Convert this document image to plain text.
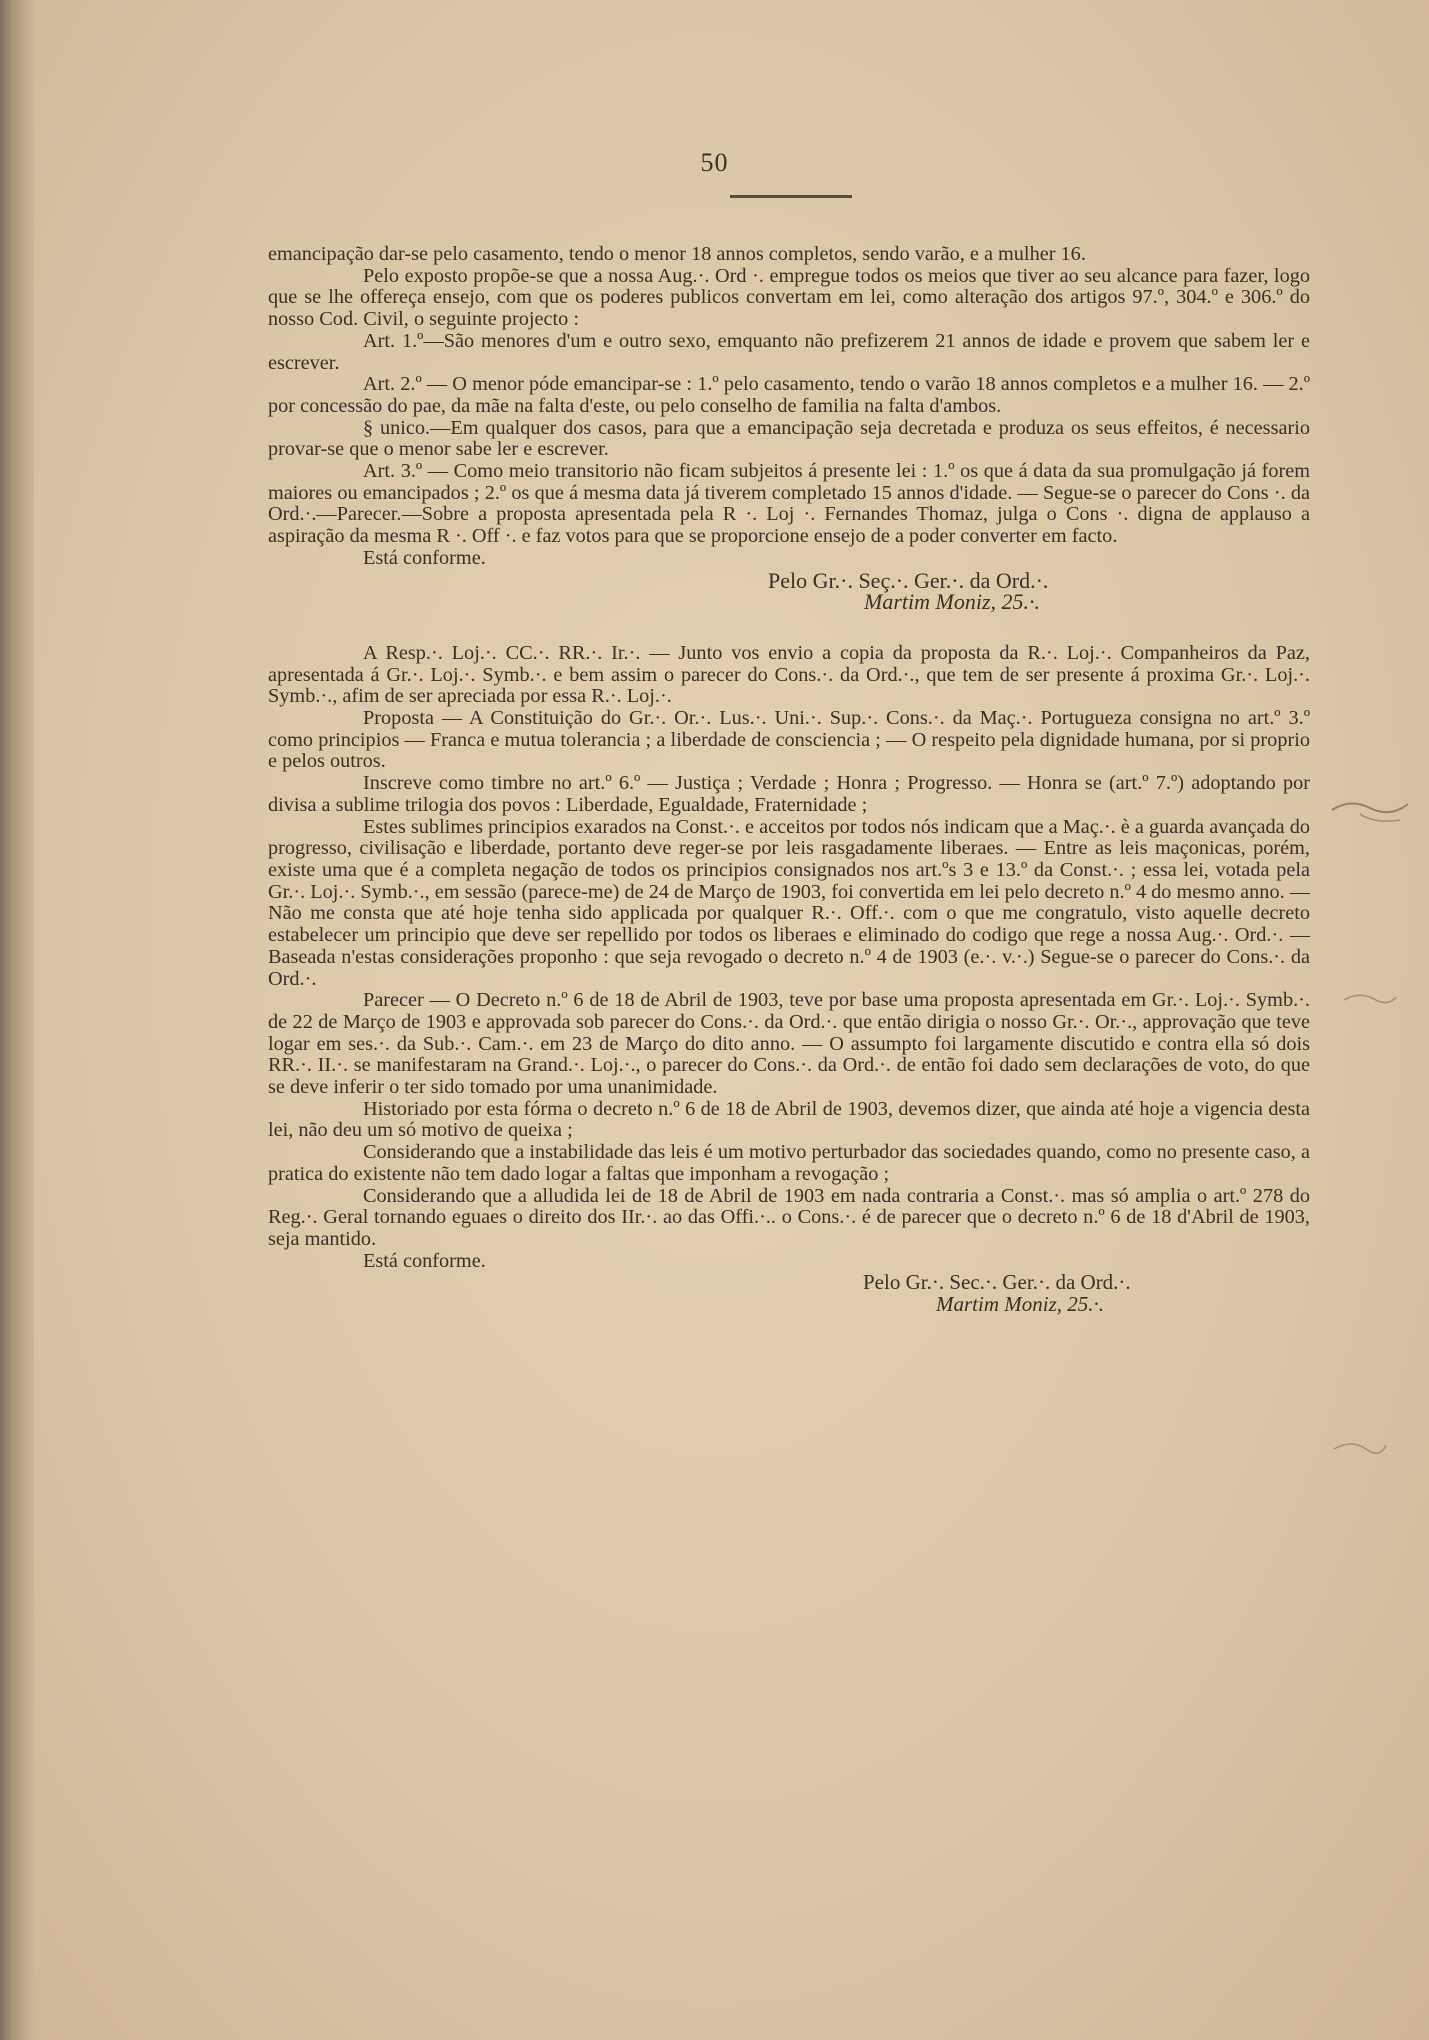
50

emancipação dar-se pelo casamento, tendo o menor 18 annos completos, sendo varão, e a mulher 16.

Pelo exposto propõe-se que a nossa Aug.·. Ord ·. empregue todos os meios que tiver ao seu alcance para fazer, logo que se lhe offereça ensejo, com que os poderes publicos convertam em lei, como alteração dos artigos 97.º, 304.º e 306.º do nosso Cod. Civil, o seguinte projecto :

Art. 1.º—São menores d'um e outro sexo, emquanto não prefizerem 21 annos de idade e provem que sabem ler e escrever.

Art. 2.º — O menor póde emancipar-se : 1.º pelo casamento, tendo o varão 18 annos completos e a mulher 16. — 2.º por concessão do pae, da mãe na falta d'este, ou pelo conselho de familia na falta d'ambos.

§ unico.—Em qualquer dos casos, para que a emancipação seja decretada e produza os seus effeitos, é necessario provar-se que o menor sabe ler e escrever.

Art. 3.º — Como meio transitorio não ficam subjeitos á presente lei : 1.º os que á data da sua promulgação já forem maiores ou emancipados ; 2.º os que á mesma data já tiverem completado 15 annos d'idade. — Segue-se o parecer do Cons ·. da Ord.·.—Parecer.—Sobre a proposta apresentada pela R ·. Loj ·. Fernandes Thomaz, julga o Cons ·. digna de applauso a aspiração da mesma R ·. Off ·. e faz votos para que se proporcione ensejo de a poder converter em facto.

Está conforme.

Pelo Gr.·. Seç.·. Ger.·. da Ord.·.

Martim Moniz, 25.·.

A Resp.·. Loj.·. CC.·. RR.·. Ir.·. — Junto vos envio a copia da proposta da R.·. Loj.·. Companheiros da Paz, apresentada á Gr.·. Loj.·. Symb.·. e bem assim o parecer do Cons.·. da Ord.·., que tem de ser presente á proxima Gr.·. Loj.·. Symb.·., afim de ser apreciada por essa R.·. Loj.·.

Proposta — A Constituição do Gr.·. Or.·. Lus.·. Uni.·. Sup.·. Cons.·. da Maç.·. Portugueza consigna no art.º 3.º como principios — Franca e mutua tolerancia ; a liberdade de consciencia ; — O respeito pela dignidade humana, por si proprio e pelos outros.

Inscreve como timbre no art.º 6.º — Justiça ; Verdade ; Honra ; Progresso. — Honra se (art.º 7.º) adoptando por divisa a sublime trilogia dos povos : Liberdade, Egualdade, Fraternidade ;

Estes sublimes principios exarados na Const.·. e acceitos por todos nós indicam que a Maç.·. è a guarda avançada do progresso, civilisação e liberdade, portanto deve reger-se por leis rasgadamente liberaes. — Entre as leis maçonicas, porém, existe uma que é a completa negação de todos os principios consignados nos art.ºs 3 e 13.º da Const.·. ; essa lei, votada pela Gr.·. Loj.·. Symb.·., em sessão (parece-me) de 24 de Março de 1903, foi convertida em lei pelo decreto n.º 4 do mesmo anno. — Não me consta que até hoje tenha sido applicada por qualquer R.·. Off.·. com o que me congratulo, visto aquelle decreto estabelecer um principio que deve ser repellido por todos os liberaes e eliminado do codigo que rege a nossa Aug.·. Ord.·. — Baseada n'estas considerações proponho : que seja revogado o decreto n.º 4 de 1903 (e.·. v.·.) Segue-se o parecer do Cons.·. da Ord.·.

Parecer — O Decreto n.º 6 de 18 de Abril de 1903, teve por base uma proposta apresentada em Gr.·. Loj.·. Symb.·. de 22 de Março de 1903 e approvada sob parecer do Cons.·. da Ord.·. que então dirigia o nosso Gr.·. Or.·., approvação que teve logar em ses.·. da Sub.·. Cam.·. em 23 de Março do dito anno. — O assumpto foi largamente discutido e contra ella só dois RR.·. II.·. se manifestaram na Grand.·. Loj.·., o parecer do Cons.·. da Ord.·. de então foi dado sem declarações de voto, do que se deve inferir o ter sido tomado por uma unanimidade.

Historiado por esta fórma o decreto n.º 6 de 18 de Abril de 1903, devemos dizer, que ainda até hoje a vigencia desta lei, não deu um só motivo de queixa ;

Considerando que a instabilidade das leis é um motivo perturbador das sociedades quando, como no presente caso, a pratica do existente não tem dado logar a faltas que imponham a revogação ;

Considerando que a alludida lei de 18 de Abril de 1903 em nada contraria a Const.·. mas só amplia o art.º 278 do Reg.·. Geral tornando eguaes o direito dos IIr.·. ao das Offi.·.. o Cons.·. é de parecer que o decreto n.º 6 de 18 d'Abril de 1903, seja mantido.

Está conforme.

Pelo Gr.·. Sec.·. Ger.·. da Ord.·.

Martim Moniz, 25.·.
